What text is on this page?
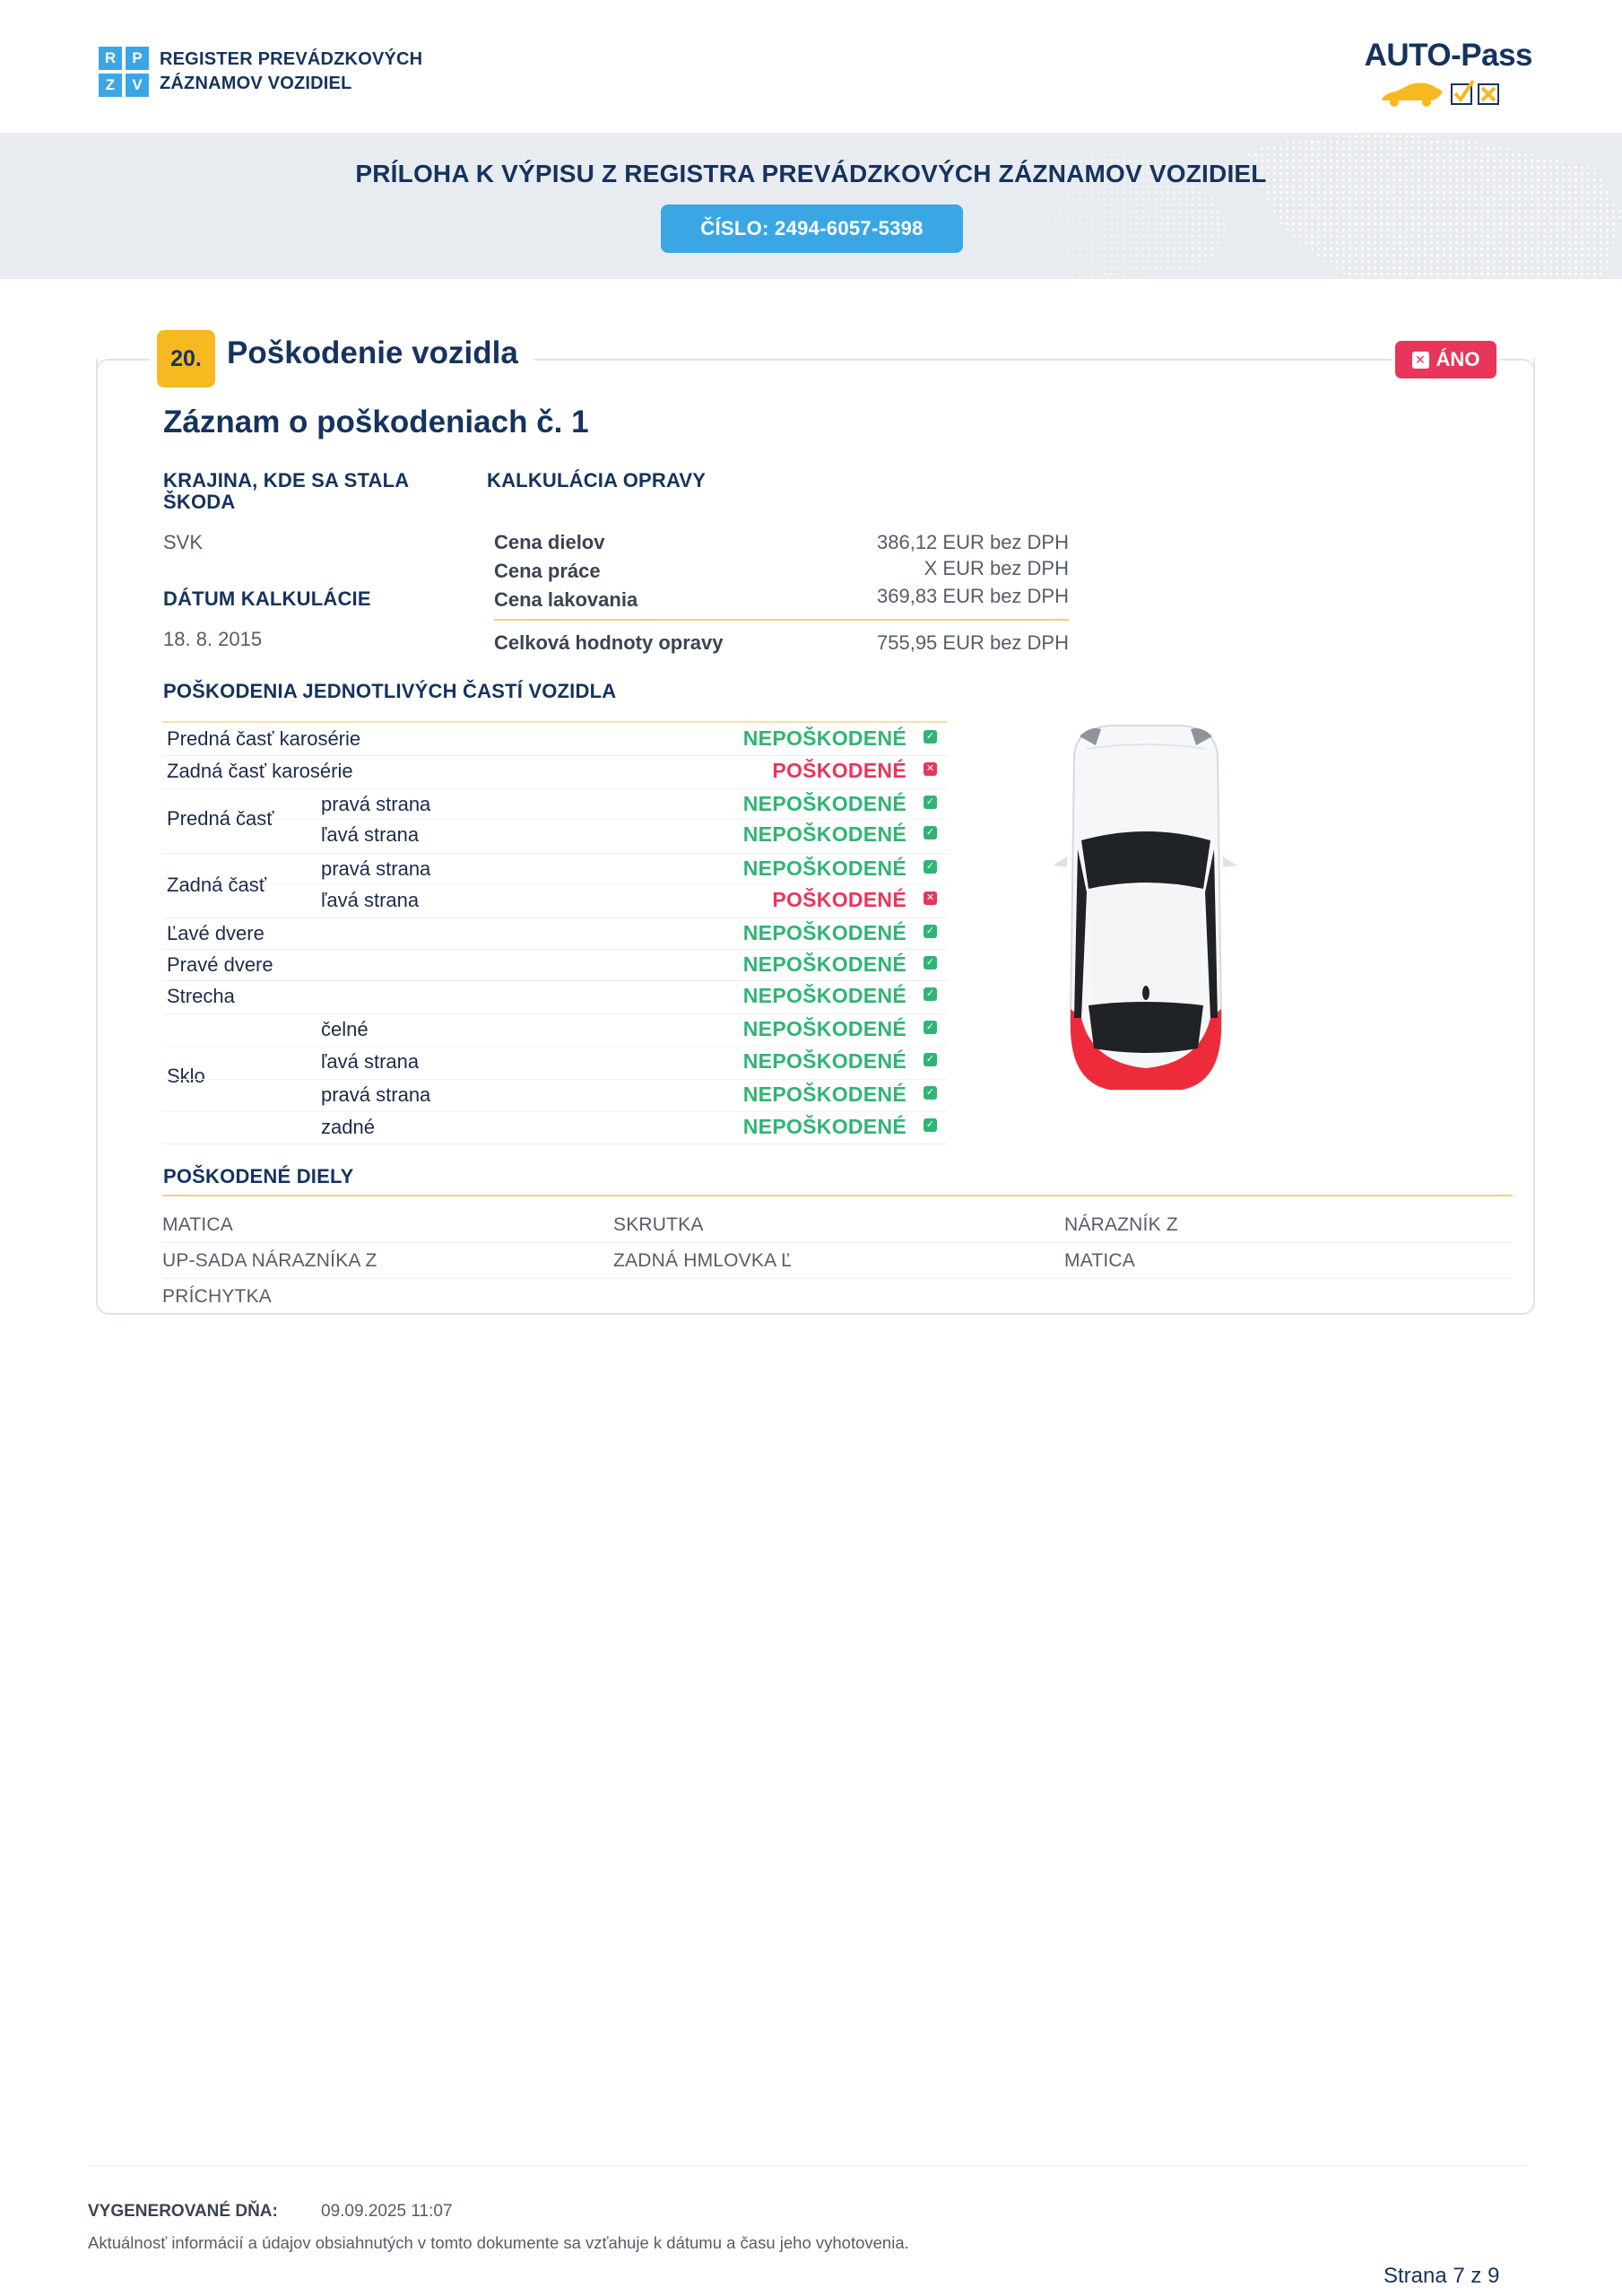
R	P
Z	V
REGISTER PREVÁDZKOVÝCH
ZÁZNAMOV VOZIDIEL
AUTO-Pass
PRÍLOHA K VÝPISU Z REGISTRA PREVÁDZKOVÝCH ZÁZNAMOV VOZIDIEL
ČÍSLO: 2494-6057-5398
20. Poškodenie vozidla	✕ ÁNO
Záznam o poškodeniach č. 1
KRAJINA, KDE SA STALA
ŠKODA
SVK
DÁTUM KALKULÁCIE
18. 8. 2015
KALKULÁCIA OPRAVY
Cena dielov	386,12 EUR bez DPH
Cena práce	X EUR bez DPH
Cena lakovania	369,83 EUR bez DPH
Celková hodnoty opravy	755,95 EUR bez DPH
POŠKODENIA JEDNOTLIVÝCH ČASTÍ VOZIDLA
Predná časť karosérie	NEPOŠKODENÉ ✓
Zadná časť karosérie	POŠKODENÉ ✕
Predná časť
pravá strana	NEPOŠKODENÉ ✓
ľavá strana	NEPOŠKODENÉ ✓
Zadná časť
pravá strana	NEPOŠKODENÉ ✓
ľavá strana	POŠKODENÉ ✕
Ľavé dvere	NEPOŠKODENÉ ✓
Pravé dvere	NEPOŠKODENÉ ✓
Strecha	NEPOŠKODENÉ ✓
Sklo
čelné	NEPOŠKODENÉ ✓
ľavá strana	NEPOŠKODENÉ ✓
pravá strana	NEPOŠKODENÉ ✓
zadné	NEPOŠKODENÉ ✓
POŠKODENÉ DIELY
MATICA	SKRUTKA	NÁRAZNÍK Z
UP-SADA NÁRAZNÍKA Z	ZADNÁ HMLOVKA Ľ	MATICA
PRÍCHYTKA
VYGENEROVANÉ DŇA:	09.09.2025 11:07
Aktuálnosť informácií a údajov obsiahnutých v tomto dokumente sa vzťahuje k dátumu a času jeho vyhotovenia.
Strana 7 z 9
